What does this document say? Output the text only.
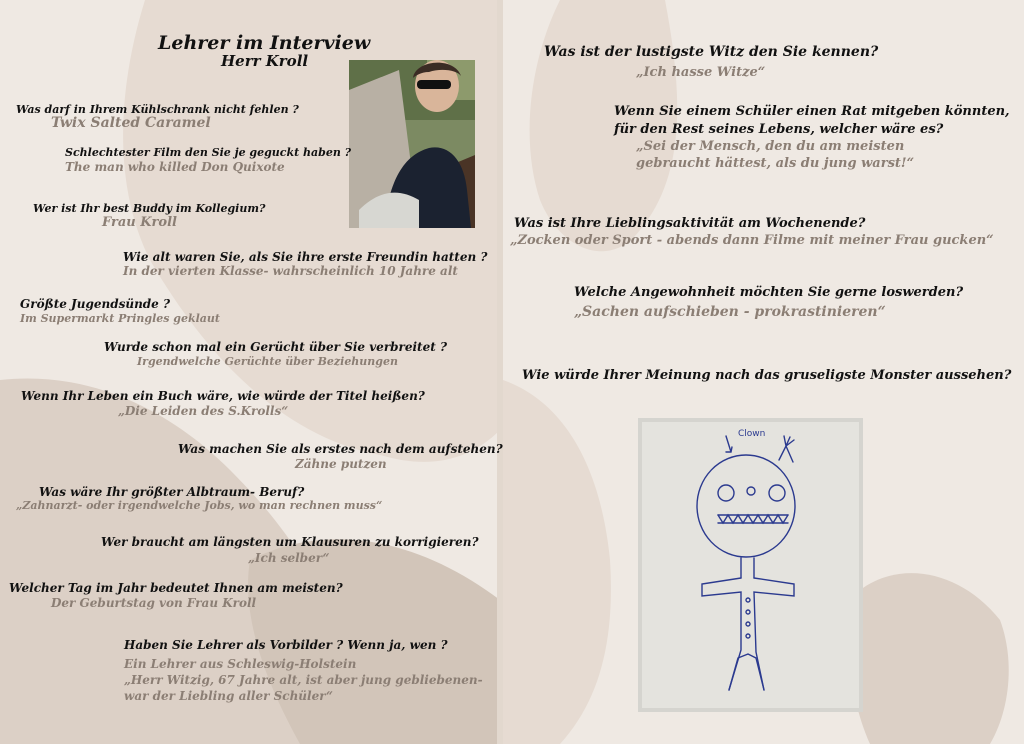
Lehrer im Interview
Herr Kroll
Was darf in Ihrem Kühlschrank nicht fehlen ?
Twix Salted Caramel
Schlechtester Film den Sie je geguckt haben ?
The man who killed Don Quixote
Wer ist Ihr best Buddy im Kollegium?
Frau Kroll
Wie alt waren Sie, als Sie ihre erste Freundin hatten ?
In der vierten Klasse- wahrscheinlich 10 Jahre alt
Größte Jugendsünde ?
Im Supermarkt Pringles geklaut
Wurde schon mal ein Gerücht über Sie verbreitet ?
Irgendwelche Gerüchte über Beziehungen
Wenn Ihr Leben ein Buch wäre, wie würde der Titel heißen?
„Die Leiden des S.Krolls“
Was machen Sie als erstes nach dem aufstehen?
Zähne putzen
Was wäre Ihr größter Albtraum- Beruf?
„Zahnarzt- oder irgendwelche Jobs, wo man rechnen muss“
Wer braucht am längsten um Klausuren zu korrigieren?
„Ich selber“
Welcher Tag im Jahr bedeutet Ihnen am meisten?
Der Geburtstag von Frau Kroll
Haben Sie Lehrer als Vorbilder ? Wenn ja, wen ?
Ein Lehrer aus Schleswig-Holstein
„Herr Witzig, 67 Jahre alt, ist aber jung gebliebenen-
war der Liebling aller Schüler“
Was ist der lustigste Witz den Sie kennen?
„Ich hasse Witze“
Wenn Sie einem Schüler einen Rat mitgeben könnten,
für den Rest seines Lebens, welcher wäre es?
„Sei der Mensch, den du am meisten
gebraucht hättest, als du jung warst!“
Was ist Ihre Lieblingsaktivität am Wochenende?
„Zocken oder Sport - abends dann Filme mit meiner Frau gucken“
Welche Angewohnheit möchten Sie gerne loswerden?
„Sachen aufschieben - prokrastinieren“
Wie würde Ihrer Meinung nach das gruseligste Monster aussehen?
Clown
